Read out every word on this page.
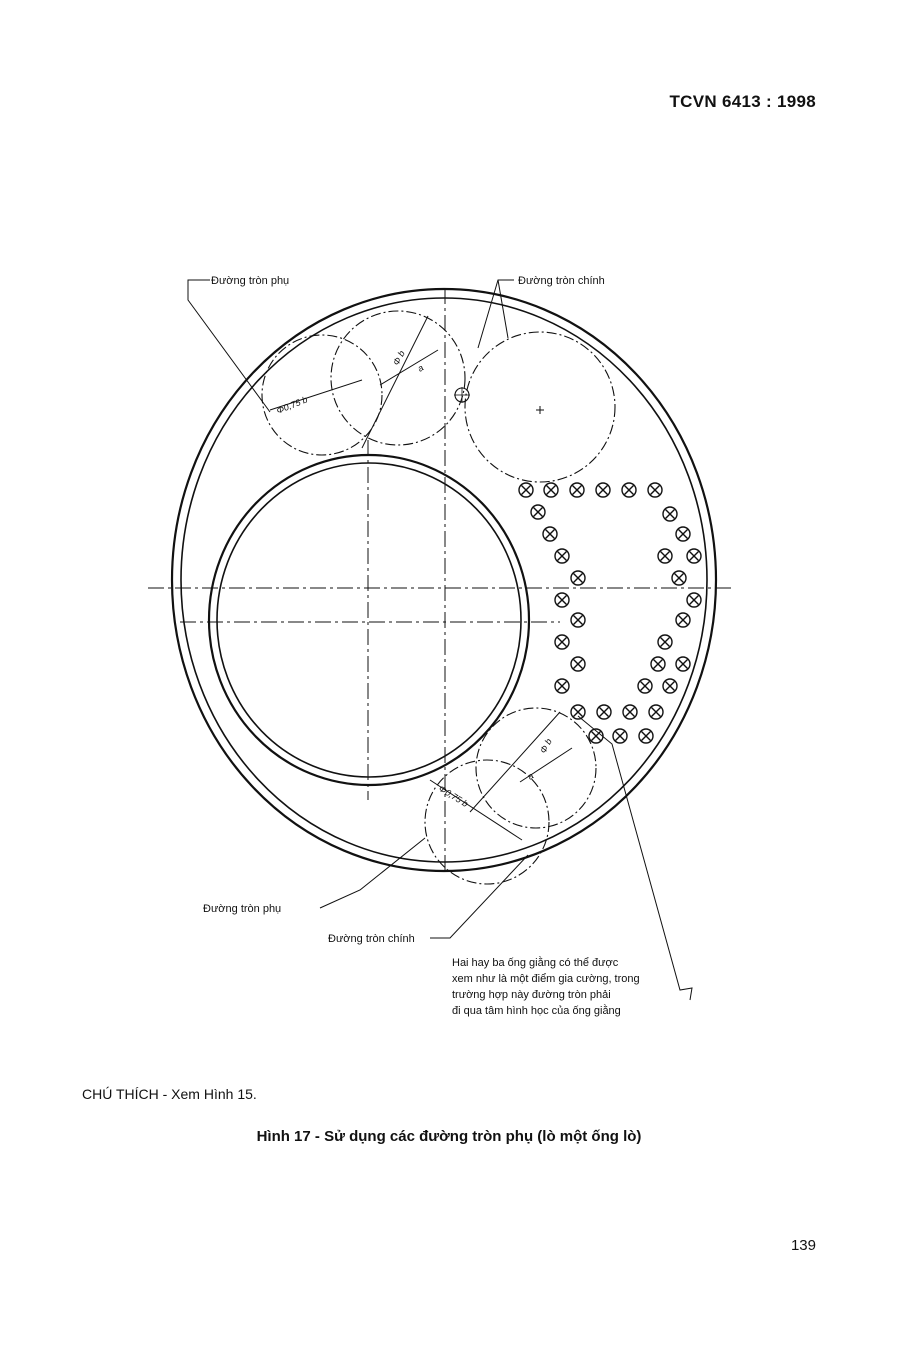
TCVN 6413 : 1998
Đường tròn phụ	Đường tròn chính
Đường tròn phụ
Đường tròn chính
Φ0,75 b
Φ b
a
Φ0,75 b
Φ b
a
Hai hay ba ống giằng có thể được
xem như là một điểm gia cường, trong
trường hợp này đường tròn phải
đi qua tâm hình học của ống giằng
CHÚ THÍCH - Xem Hình 15.
Hình 17 - Sử dụng các đường tròn phụ (lò một ống lò)
139
